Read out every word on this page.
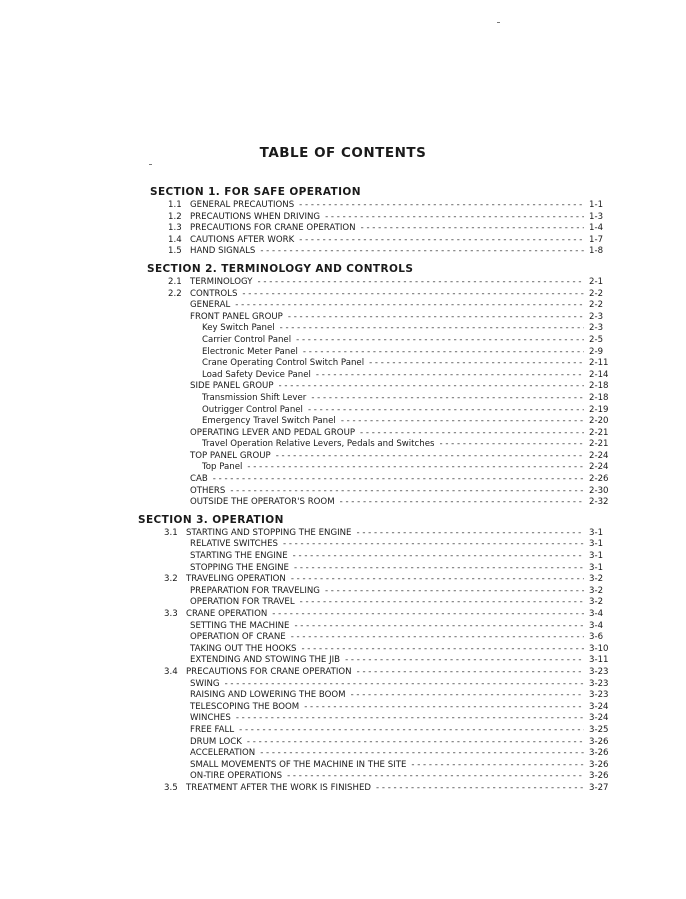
TABLE OF CONTENTS
SECTION 1. FOR SAFE OPERATION
1.1 GENERAL PRECAUTIONS - - -	1-1
1.2 PRECAUTIONS WHEN DRIVING - - -	1-3
1.3 PRECAUTIONS FOR CRANE OPERATION - - -	1-4
1.4 CAUTIONS AFTER WORK - - -	1-7
1.5 HAND SIGNALS - - -	1-8
SECTION 2. TERMINOLOGY AND CONTROLS
2.1 TERMINOLOGY - - -	2-1
2.2 CONTROLS - - -	2-2
GENERAL - - -	2-2
FRONT PANEL GROUP - - -	2-3
Key Switch Panel - - -	2-3
Carrier Control Panel - - -	2-5
Electronic Meter Panel - - -	2-9
Crane Operating Control Switch Panel - - -	2-11
Load Safety Device Panel - - -	2-14
SIDE PANEL GROUP - - -	2-18
Transmission Shift Lever - - -	2-18
Outrigger Control Panel - - -	2-19
Emergency Travel Switch Panel - - -	2-20
OPERATING LEVER AND PEDAL GROUP - - -	2-21
Travel Operation Relative Levers, Pedals and Switches - - -	2-21
TOP PANEL GROUP - - -	2-24
Top Panel - - -	2-24
CAB - - -	2-26
OTHERS - - -	2-30
OUTSIDE THE OPERATOR'S ROOM - - -	2-32
SECTION 3. OPERATION
3.1 STARTING AND STOPPING THE ENGINE - - -	3-1
RELATIVE SWITCHES - - -	3-1
STARTING THE ENGINE - - -	3-1
STOPPING THE ENGINE - - -	3-1
3.2 TRAVELING OPERATION - - -	3-2
PREPARATION FOR TRAVELING - - -	3-2
OPERATION FOR TRAVEL - - -	3-2
3.3 CRANE OPERATION - - -	3-4
SETTING THE MACHINE - - -	3-4
OPERATION OF CRANE - - -	3-6
TAKING OUT THE HOOKS - - -	3-10
EXTENDING AND STOWING THE JIB - - -	3-11
3.4 PRECAUTIONS FOR CRANE OPERATION - - -	3-23
SWING - - -	3-23
RAISING AND LOWERING THE BOOM - - -	3-23
TELESCOPING THE BOOM - - -	3-24
WINCHES - - -	3-24
FREE FALL - - -	3-25
DRUM LOCK - - -	3-26
ACCELERATION - - -	3-26
SMALL MOVEMENTS OF THE MACHINE IN THE SITE - - -	3-26
ON-TIRE OPERATIONS - - -	3-26
3.5 TREATMENT AFTER THE WORK IS FINISHED - - -	3-27
